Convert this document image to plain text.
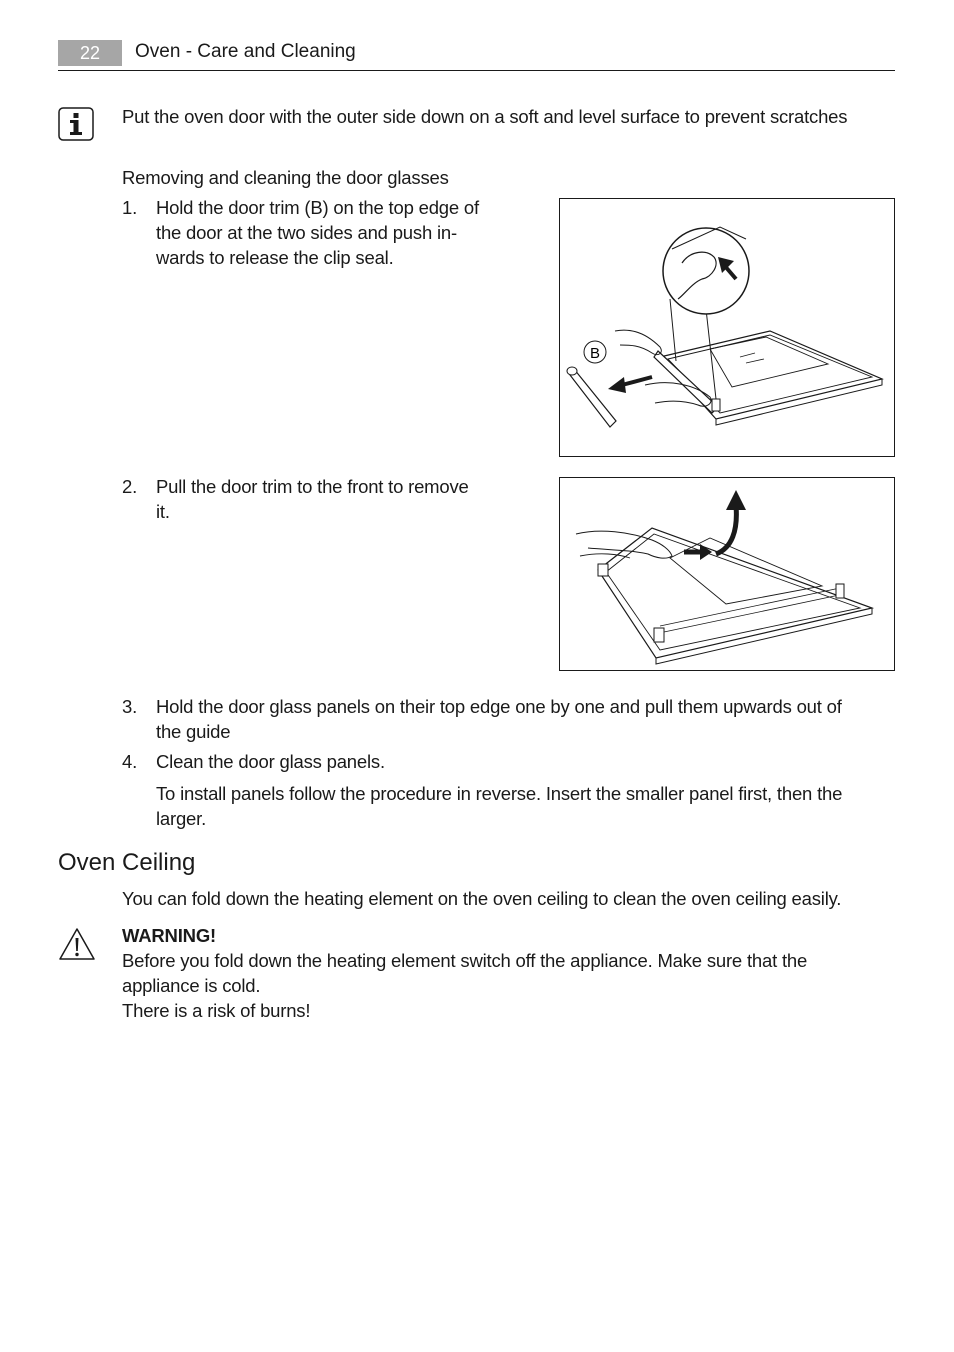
22	Oven - Care and Cleaning
Put the oven door with the outer side down on a soft and level surface to prevent scratches
Removing and cleaning the door glasses
1.	Hold the door trim (B) on the top edge of
the door at the two sides and push in-
wards to release the clip seal.
B
2.	Pull the door trim to the front to remove
it.
3.	Hold the door glass panels on their top edge one by one and pull them upwards out of
the guide
4.	Clean the door glass panels.
To install panels follow the procedure in reverse. Insert the smaller panel first, then the
larger.
Oven Ceiling
You can fold down the heating element on the oven ceiling to clean the oven ceiling easily.
WARNING!
Before you fold down the heating element switch off the appliance. Make sure that the
appliance is cold.
There is a risk of burns!
